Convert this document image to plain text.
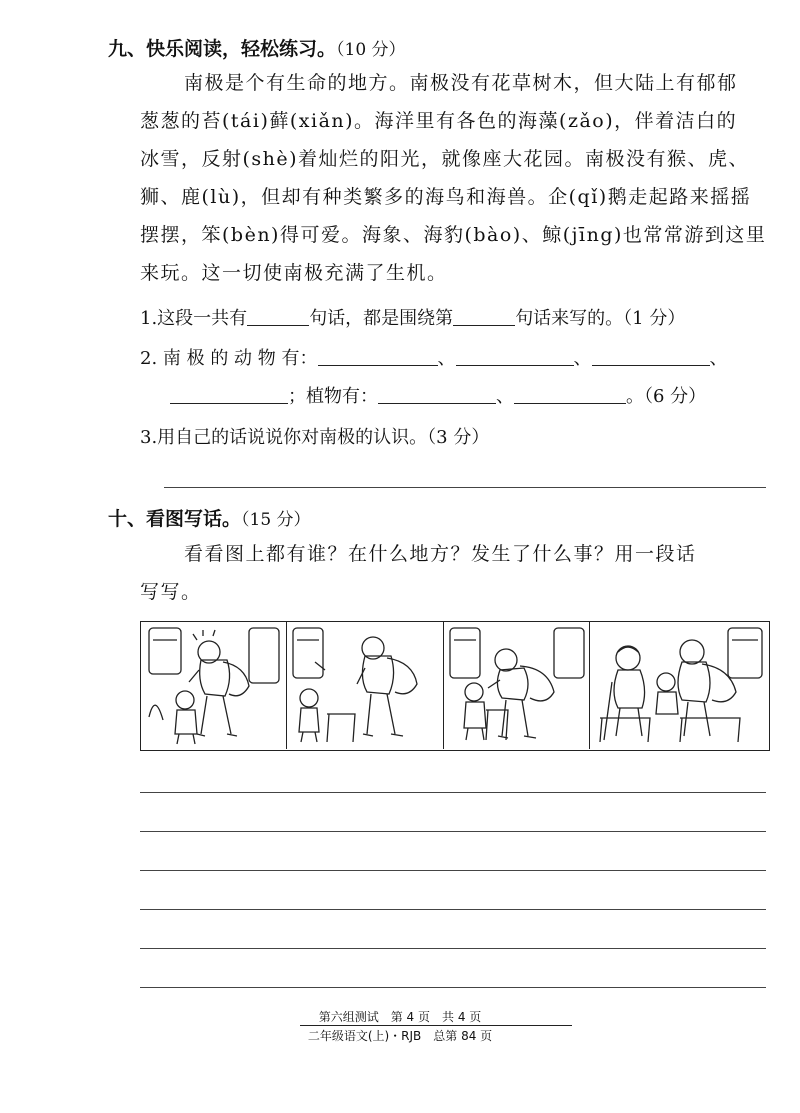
九、快乐阅读，轻松练习。（10 分）

南极是个有生命的地方。南极没有花草树木，但大陆上有郁郁

葱葱的苔(tái)藓(xiǎn)。海洋里有各色的海藻(zǎo)，伴着洁白的

冰雪，反射(shè)着灿烂的阳光，就像座大花园。南极没有猴、虎、

狮、鹿(lù)，但却有种类繁多的海鸟和海兽。企(qǐ)鹅走起路来摇摇

摆摆，笨(bèn)得可爱。海象、海豹(bào)、鲸(jīng)也常常游到这里

来玩。这一切使南极充满了生机。

1.这段一共有	句话，都是围绕第	句话来写的。（1 分）
2. 南 极 的 动 物 有：	、	、	、
；植物有：	、	。（6 分）
3.用自己的话说说你对南极的认识。（3 分）
十、看图写话。（15 分）

看看图上都有谁？在什么地方？发生了什么事？用一段话

写写。

第六组测试　第 4 页　共 4 页
二年级语文(上)・RJB　总第 84 页
